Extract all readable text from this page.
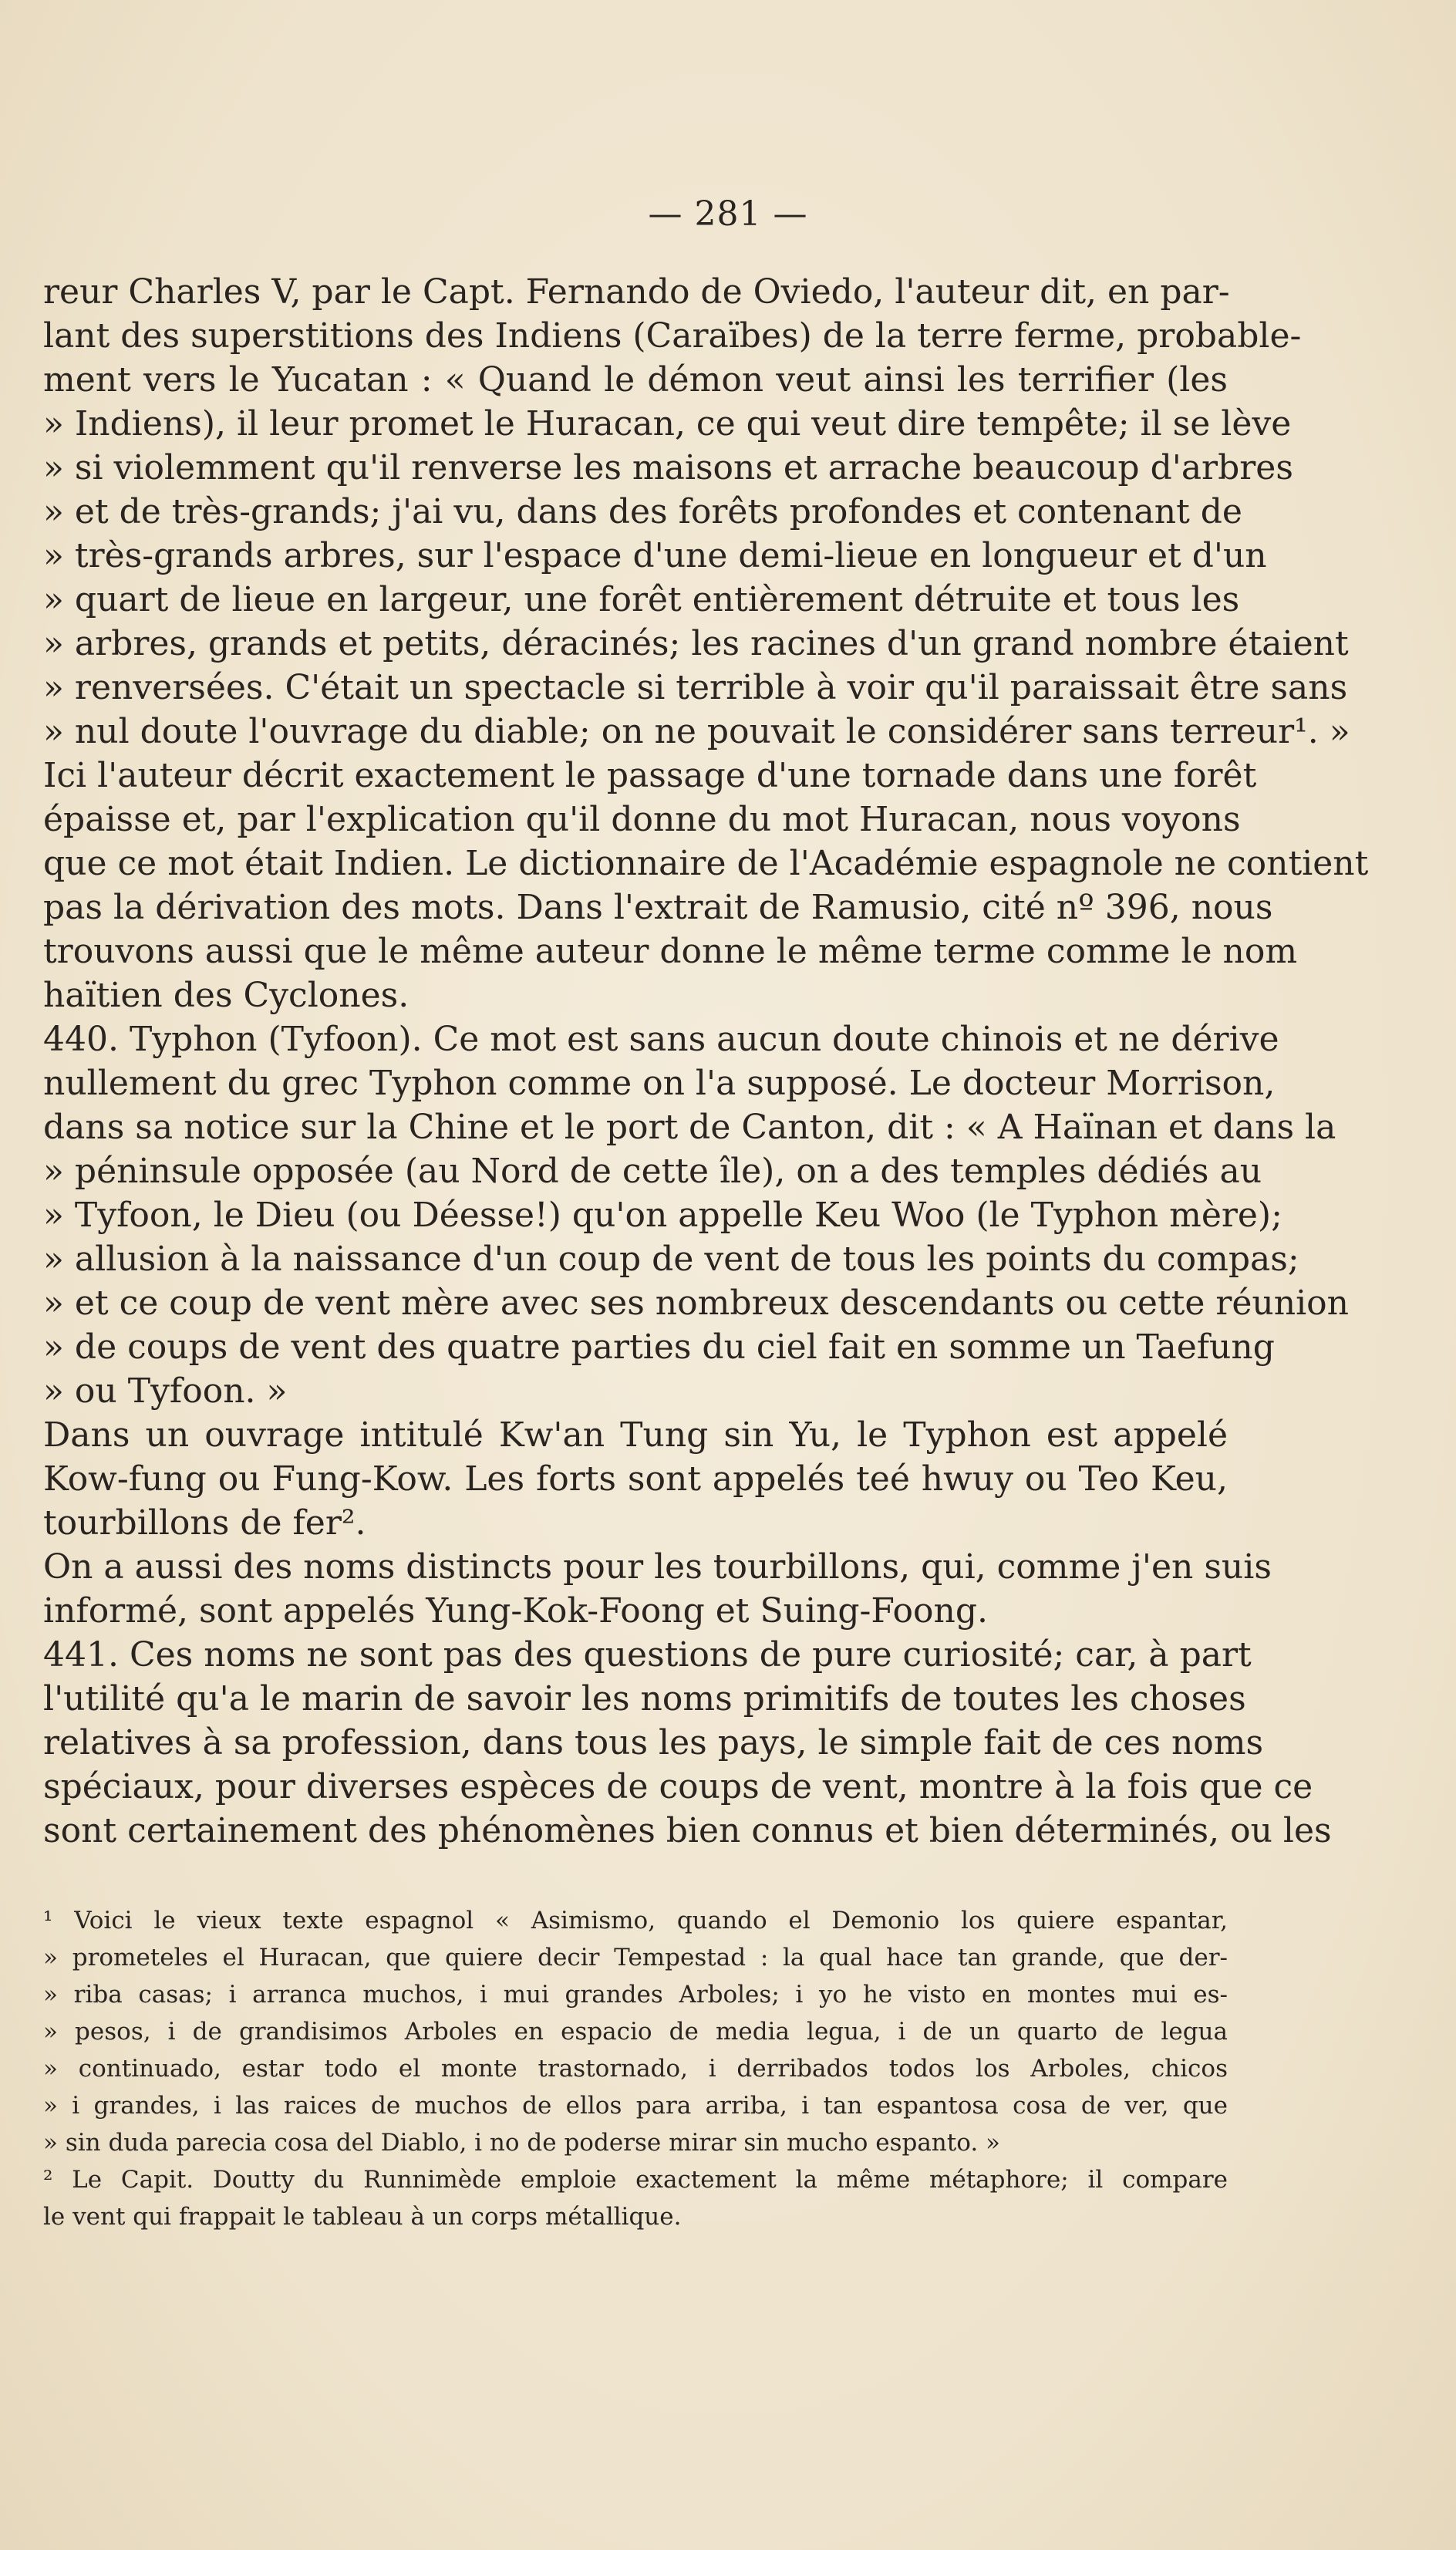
— 281 —
reur Charles V, par le Capt. Fernando de Oviedo, l'auteur dit, en par-
lant des superstitions des Indiens (Caraïbes) de la terre ferme, probable-
ment vers le Yucatan : « Quand le démon veut ainsi les terrifier (les
» Indiens), il leur promet le Huracan, ce qui veut dire tempête; il se lève
» si violemment qu'il renverse les maisons et arrache beaucoup d'arbres
» et de très-grands; j'ai vu, dans des forêts profondes et contenant de
» très-grands arbres, sur l'espace d'une demi-lieue en longueur et d'un
» quart de lieue en largeur, une forêt entièrement détruite et tous les
» arbres, grands et petits, déracinés; les racines d'un grand nombre étaient
» renversées. C'était un spectacle si terrible à voir qu'il paraissait être sans
» nul doute l'ouvrage du diable; on ne pouvait le considérer sans terreur¹. »
Ici l'auteur décrit exactement le passage d'une tornade dans une forêt
épaisse et, par l'explication qu'il donne du mot Huracan, nous voyons
que ce mot était Indien. Le dictionnaire de l'Académie espagnole ne contient
pas la dérivation des mots. Dans l'extrait de Ramusio, cité nº 396, nous
trouvons aussi que le même auteur donne le même terme comme le nom
haïtien des Cyclones.
440. Typhon (Tyfoon). Ce mot est sans aucun doute chinois et ne dérive
nullement du grec Typhon comme on l'a supposé. Le docteur Morrison,
dans sa notice sur la Chine et le port de Canton, dit : « A Haïnan et dans la
» péninsule opposée (au Nord de cette île), on a des temples dédiés au
» Tyfoon, le Dieu (ou Déesse!) qu'on appelle Keu Woo (le Typhon mère);
» allusion à la naissance d'un coup de vent de tous les points du compas;
» et ce coup de vent mère avec ses nombreux descendants ou cette réunion
» de coups de vent des quatre parties du ciel fait en somme un Taefung
» ou Tyfoon. »
Dans un ouvrage intitulé Kw'an Tung sin Yu, le Typhon est appelé
Kow-fung ou Fung-Kow. Les forts sont appelés teé hwuy ou Teo Keu,
tourbillons de fer².
On a aussi des noms distincts pour les tourbillons, qui, comme j'en suis
informé, sont appelés Yung-Kok-Foong et Suing-Foong.
441. Ces noms ne sont pas des questions de pure curiosité; car, à part
l'utilité qu'a le marin de savoir les noms primitifs de toutes les choses
relatives à sa profession, dans tous les pays, le simple fait de ces noms
spéciaux, pour diverses espèces de coups de vent, montre à la fois que ce
sont certainement des phénomènes bien connus et bien déterminés, ou les
¹ Voici le vieux texte espagnol « Asimismo, quando el Demonio los quiere espantar,
» prometeles el Huracan, que quiere decir Tempestad : la qual hace tan grande, que der-
» riba casas; i arranca muchos, i mui grandes Arboles; i yo he visto en montes mui es-
» pesos, i de grandisimos Arboles en espacio de media legua, i de un quarto de legua
» continuado, estar todo el monte trastornado, i derribados todos los Arboles, chicos
» i grandes, i las raices de muchos de ellos para arriba, i tan espantosa cosa de ver, que
» sin duda parecia cosa del Diablo, i no de poderse mirar sin mucho espanto. »
² Le Capit. Doutty du Runnimède emploie exactement la même métaphore; il compare
le vent qui frappait le tableau à un corps métallique.
